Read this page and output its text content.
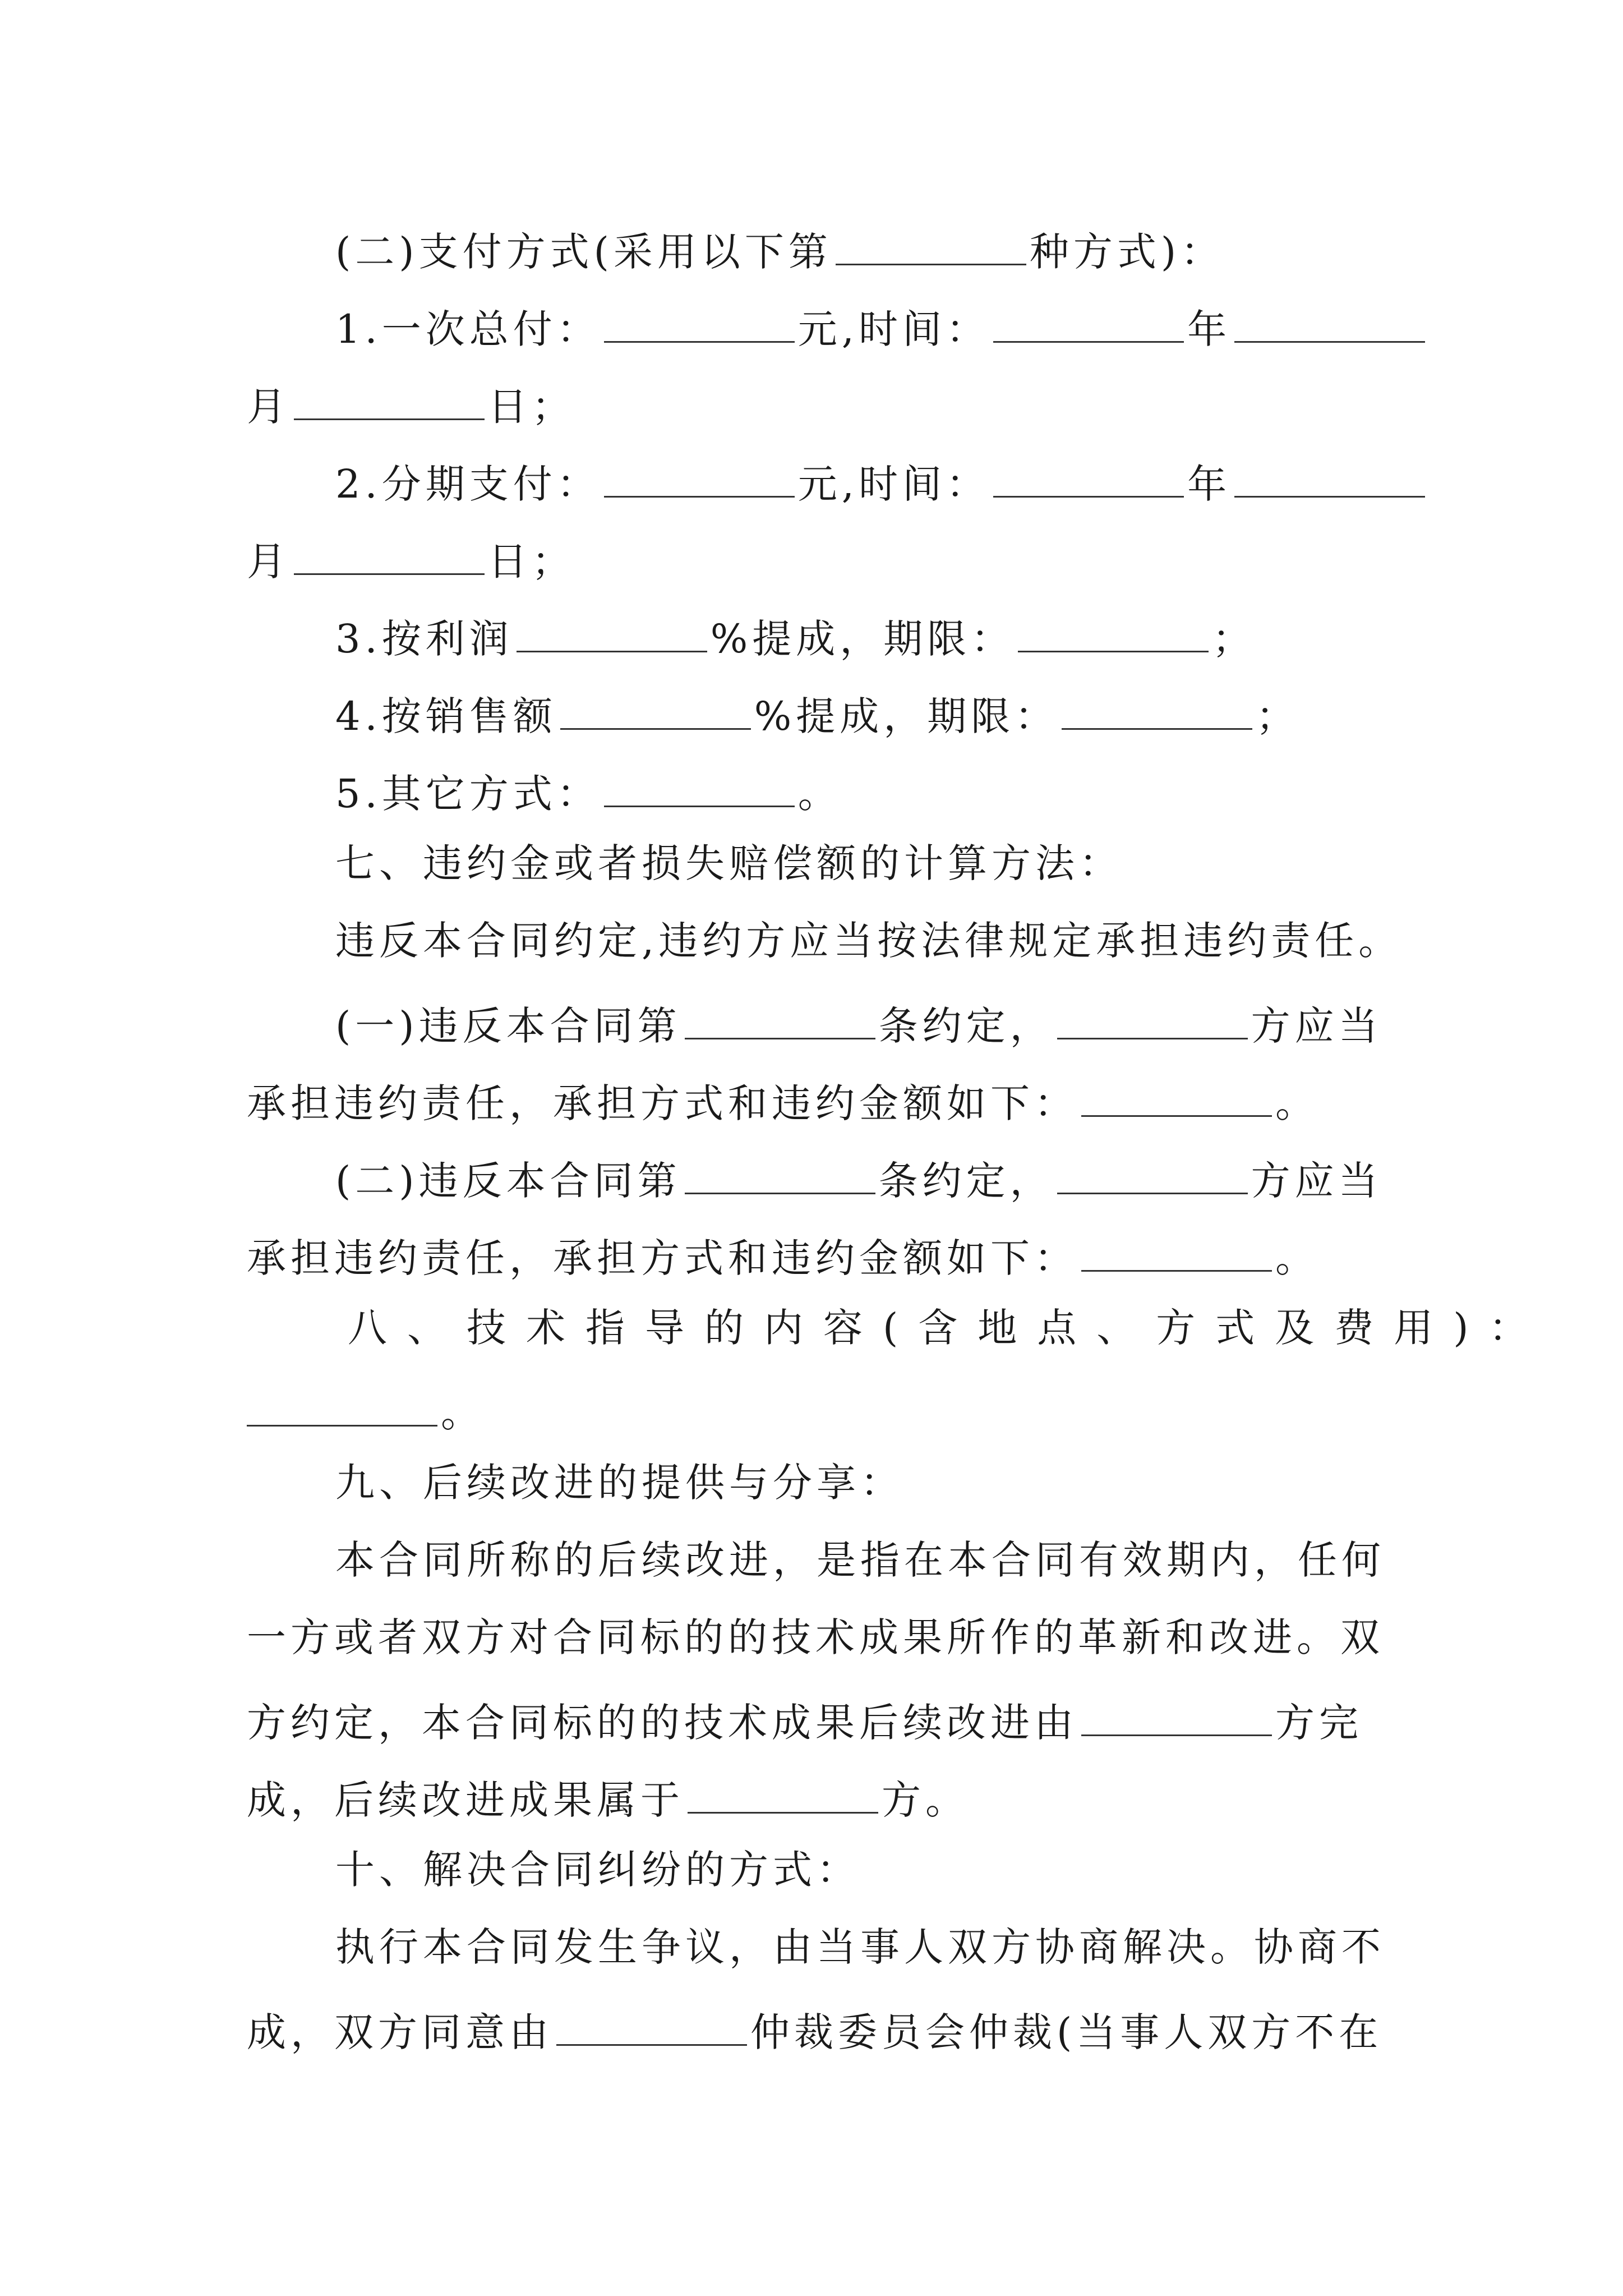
(二)支付方式(采用以下第	种方式)：
1.一次总付：	元,时间：	年
月	日；
2.分期支付：	元,时间：	年
月	日；
3.按利润	%提成，期限：	；
4.按销售额	%提成，期限：	；
5.其它方式：	。
七、违约金或者损失赔偿额的计算方法：
违反本合同约定,违约方应当按法律规定承担违约责任。
(一)违反本合同第	条约定，	方应当
承担违约责任，承担方式和违约金额如下：	。
(二)违反本合同第	条约定，	方应当
承担违约责任，承担方式和违约金额如下：	。
八、技术指导的内容(含地点、方式及费用)：
。
九、后续改进的提供与分享：
本合同所称的后续改进，是指在本合同有效期内，任何
一方或者双方对合同标的的技术成果所作的革新和改进。双
方约定，本合同标的的技术成果后续改进由	方完
成，后续改进成果属于	方。
十、解决合同纠纷的方式：
执行本合同发生争议，由当事人双方协商解决。协商不
成，双方同意由	仲裁委员会仲裁(当事人双方不在
